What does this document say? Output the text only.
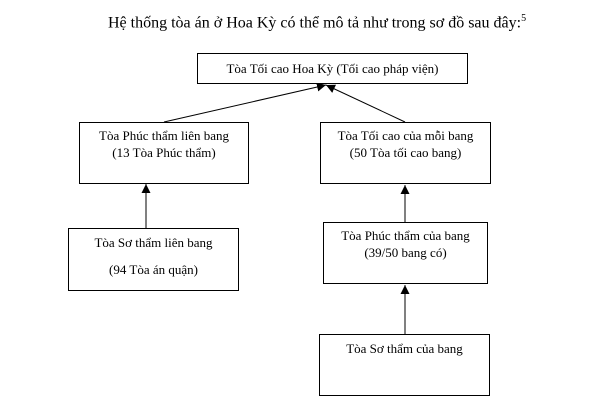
Hệ thống tòa án ở Hoa Kỳ có thể mô tả như trong sơ đồ sau đây:$^5$
Tòa Tối cao Hoa Kỳ (Tối cao pháp viện)
Tòa Phúc thẩm liên bang
(13 Tòa Phúc thẩm)
Tòa Tối cao của mỗi bang
(50 Tòa tối cao bang)
Tòa Sơ thẩm liên bang
(94 Tòa án quận)
Tòa Phúc thẩm của bang
(39/50 bang có)
Tòa Sơ thẩm của bang
